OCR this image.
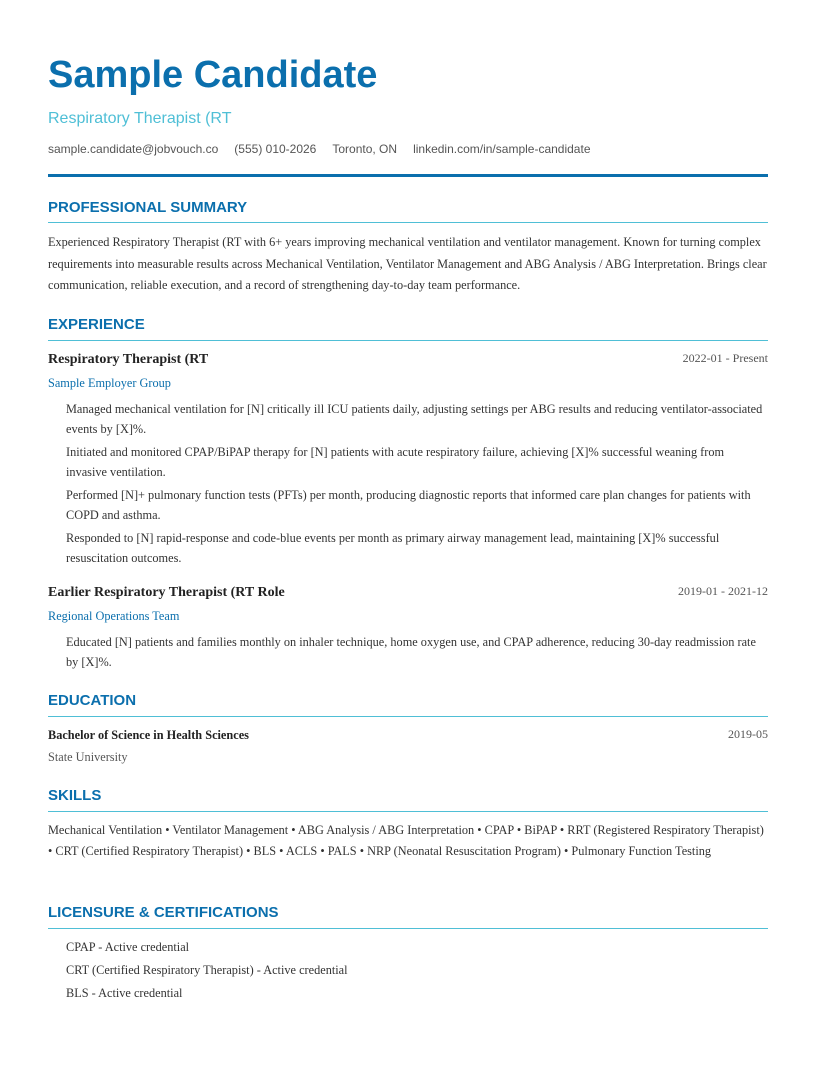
Sample Candidate
Respiratory Therapist (RT
sample.candidate@jobvouch.co (555) 010-2026 Toronto, ON linkedin.com/in/sample-candidate
PROFESSIONAL SUMMARY

Experienced Respiratory Therapist (RT with 6+ years improving mechanical ventilation and ventilator management. Known for turning complex requirements into measurable results across Mechanical Ventilation, Ventilator Management and ABG Analysis / ABG Interpretation. Brings clear communication, reliable execution, and a record of strengthening day-to-day team performance.

EXPERIENCE
Respiratory Therapist (RT	2022-01 - Present
Sample Employer Group
Managed mechanical ventilation for [N] critically ill ICU patients daily, adjusting settings per ABG results and reducing ventilator-associated events by [X]%.
Initiated and monitored CPAP/BiPAP therapy for [N] patients with acute respiratory failure, achieving [X]% successful weaning from invasive ventilation.
Performed [N]+ pulmonary function tests (PFTs) per month, producing diagnostic reports that informed care plan changes for patients with COPD and asthma.
Responded to [N] rapid-response and code-blue events per month as primary airway management lead, maintaining [X]% successful resuscitation outcomes.
Earlier Respiratory Therapist (RT Role	2019-01 - 2021-12
Regional Operations Team
Educated [N] patients and families monthly on inhaler technique, home oxygen use, and CPAP adherence, reducing 30-day readmission rate by [X]%.
EDUCATION
Bachelor of Science in Health Sciences	2019-05
State University
SKILLS

Mechanical Ventilation • Ventilator Management • ABG Analysis / ABG Interpretation • CPAP • BiPAP • RRT (Registered Respiratory Therapist) • CRT (Certified Respiratory Therapist) • BLS • ACLS • PALS • NRP (Neonatal Resuscitation Program) • Pulmonary Function Testing

LICENSURE & CERTIFICATIONS
CPAP - Active credential
CRT (Certified Respiratory Therapist) - Active credential
BLS - Active credential
